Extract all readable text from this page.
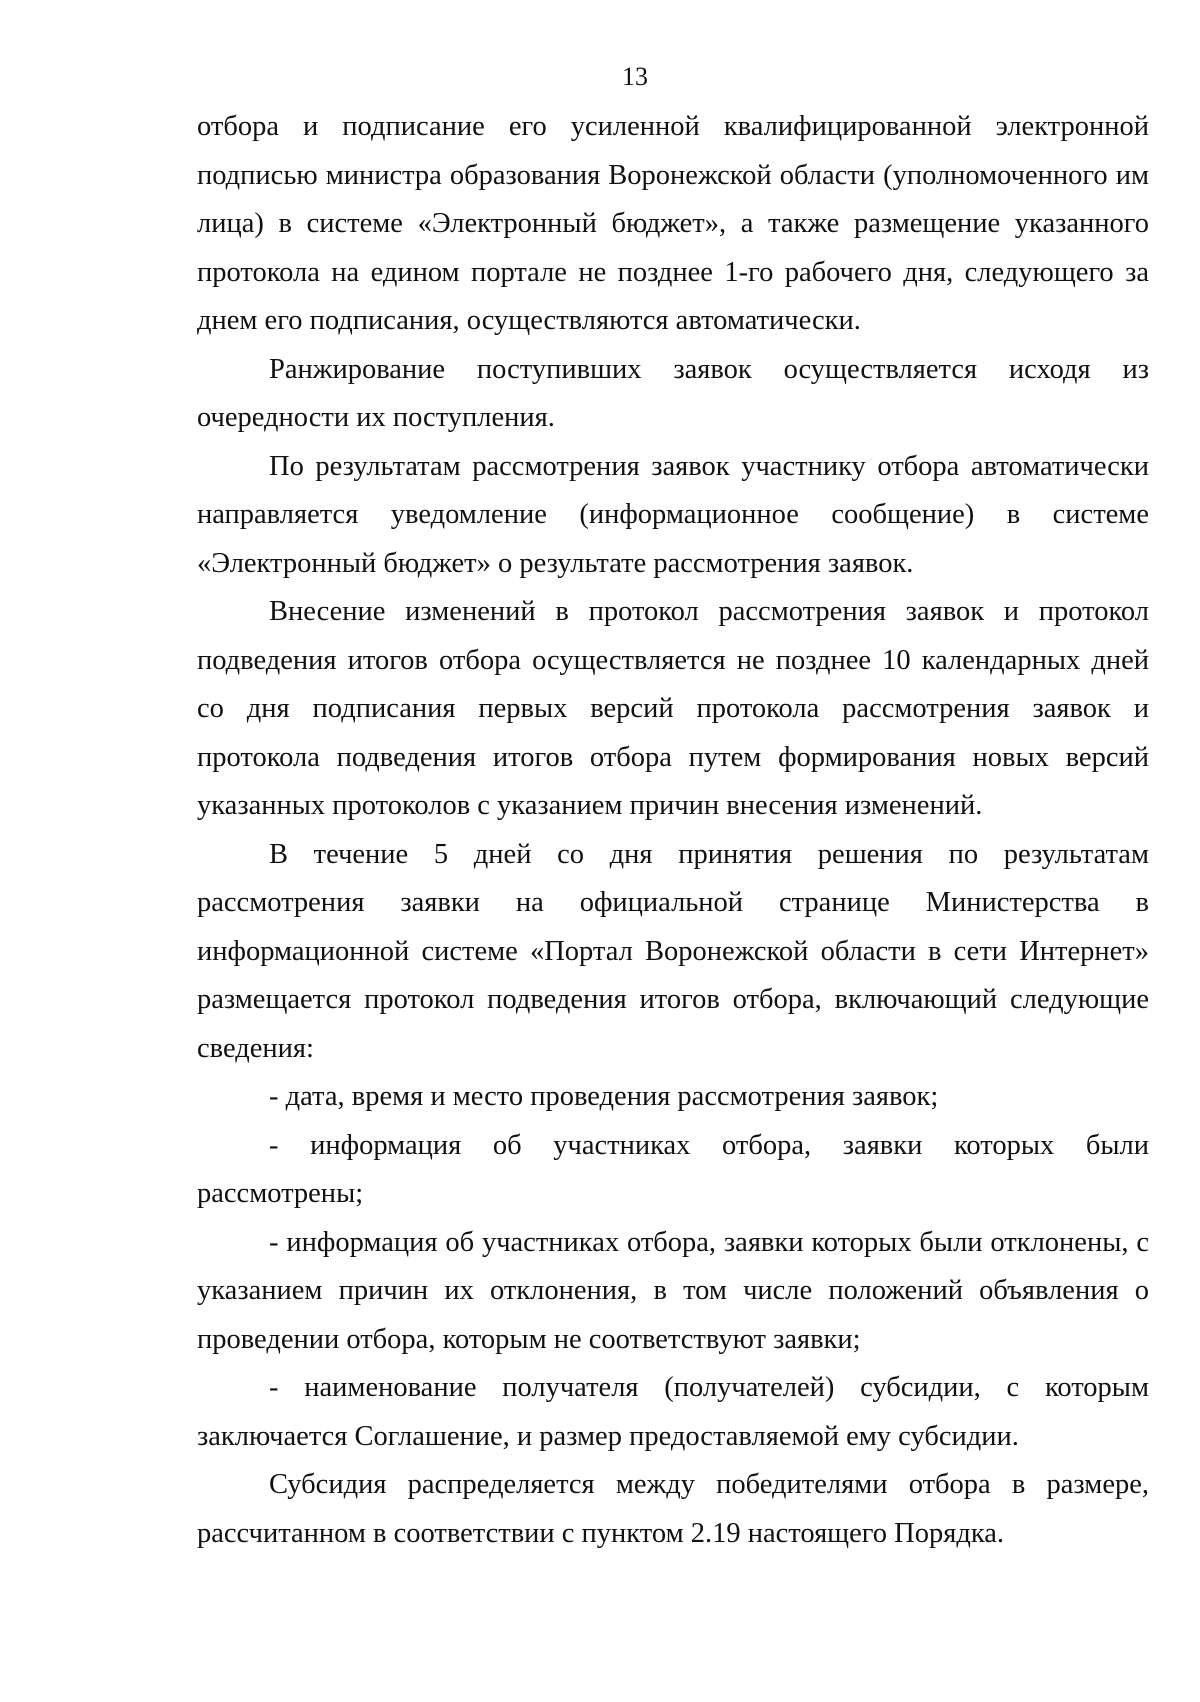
13

отбора и подписание его усиленной квалифицированной электронной подписью министра образования Воронежской области (уполномоченного им лица) в системе «Электронный бюджет», а также размещение указанного протокола на едином портале не позднее 1-го рабочего дня, следующего за днем его подписания, осуществляются автоматически.

Ранжирование поступивших заявок осуществляется исходя из очередности их поступления.

По результатам рассмотрения заявок участнику отбора автоматически направляется уведомление (информационное сообщение) в системе «Электронный бюджет» о результате рассмотрения заявок.

Внесение изменений в протокол рассмотрения заявок и протокол подведения итогов отбора осуществляется не позднее 10 календарных дней со дня подписания первых версий протокола рассмотрения заявок и протокола подведения итогов отбора путем формирования новых версий указанных протоколов с указанием причин внесения изменений.

В течение 5 дней со дня принятия решения по результатам рассмотрения заявки на официальной странице Министерства в информационной системе «Портал Воронежской области в сети Интернет» размещается протокол подведения итогов отбора, включающий следующие сведения:

- дата, время и место проведения рассмотрения заявок;

- информация об участниках отбора, заявки которых были рассмотрены;

- информация об участниках отбора, заявки которых были отклонены, с указанием причин их отклонения, в том числе положений объявления о проведении отбора, которым не соответствуют заявки;

- наименование получателя (получателей) субсидии, с которым заключается Соглашение, и размер предоставляемой ему субсидии.

Субсидия распределяется между победителями отбора в размере, рассчитанном в соответствии с пунктом 2.19 настоящего Порядка.
